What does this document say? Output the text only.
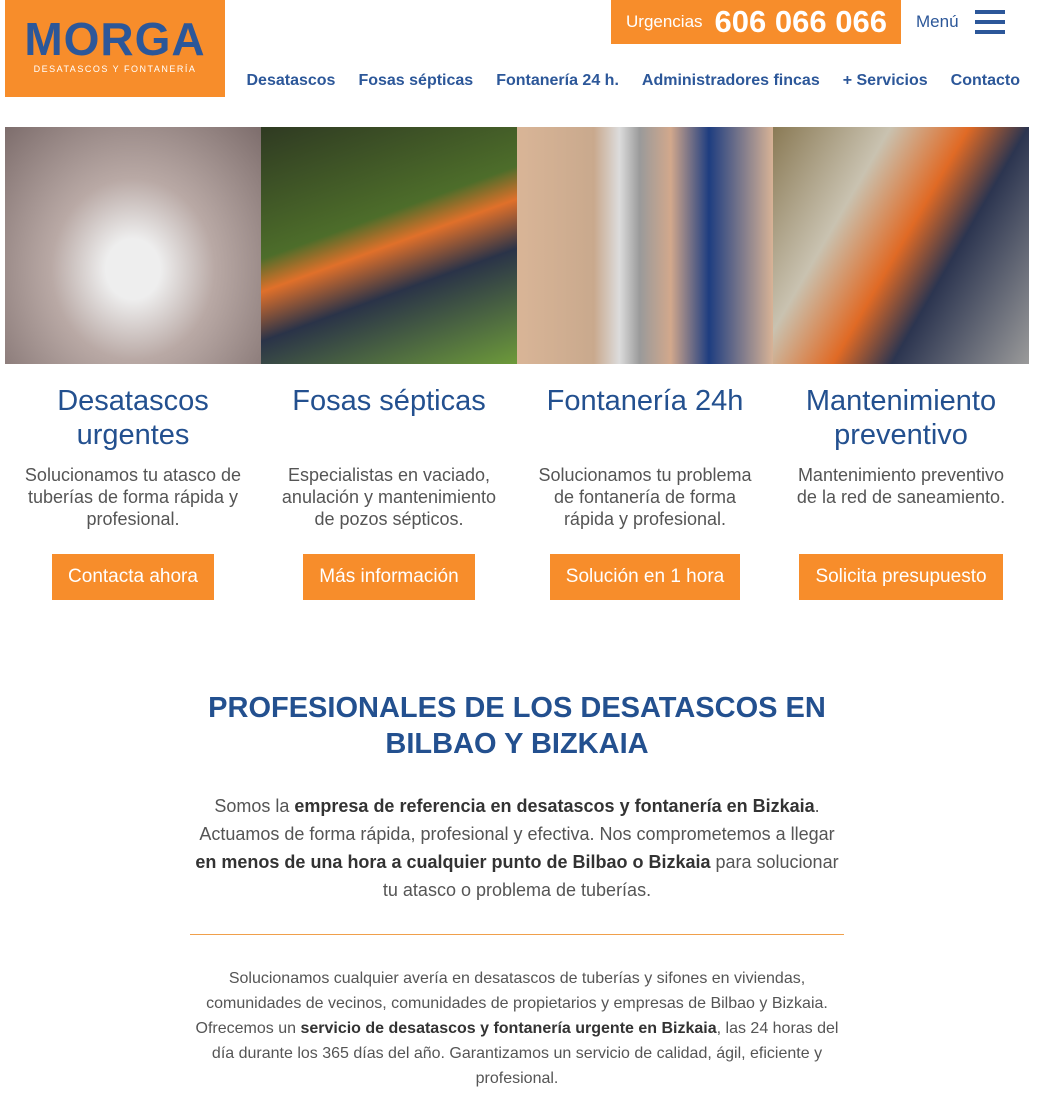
MORGA
DESATASCOS Y FONTANERÍA
Urgencias 606 066 066 Menú
Desatascos Fosas sépticas Fontanería 24 h. Administradores fincas + Servicios Contacto
Desatascos urgentes

Solucionamos tu atasco de tuberías de forma rápida y profesional.

Contacta ahora
Fosas sépticas

Especialistas en vaciado, anulación y mantenimiento de pozos sépticos.

Más información
Fontanería 24h

Solucionamos tu problema de fontanería de forma rápida y profesional.

Solución en 1 hora
Mantenimiento preventivo

Mantenimiento preventivo de la red de saneamiento.

Solicita presupuesto
PROFESIONALES DE LOS DESATASCOS EN BILBAO Y BIZKAIA

Somos la empresa de referencia en desatascos y fontanería en Bizkaia. Actuamos de forma rápida, profesional y efectiva. Nos comprometemos a llegar en menos de una hora a cualquier punto de Bilbao o Bizkaia para solucionar tu atasco o problema de tuberías.

Solucionamos cualquier avería en desatascos de tuberías y sifones en viviendas, comunidades de vecinos, comunidades de propietarios y empresas de Bilbao y Bizkaia. Ofrecemos un servicio de desatascos y fontanería urgente en Bizkaia, las 24 horas del día durante los 365 días del año. Garantizamos un servicio de calidad, ágil, eficiente y profesional.
